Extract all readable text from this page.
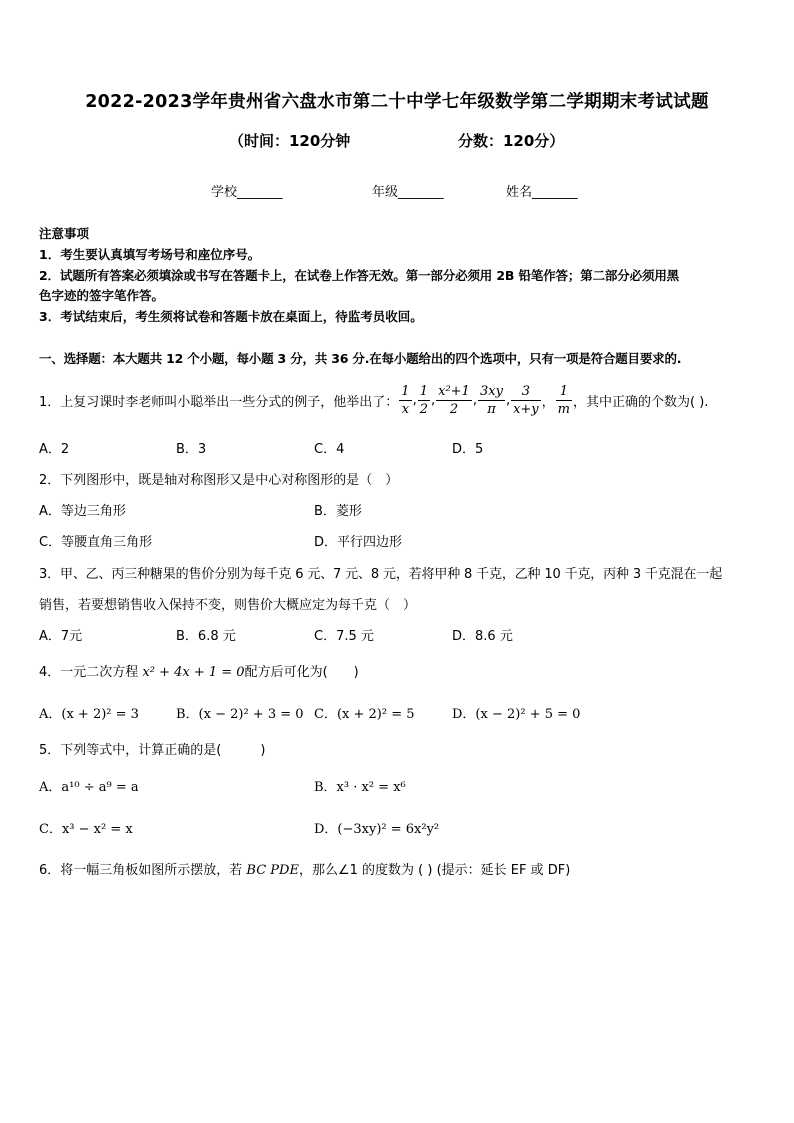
2022-2023学年贵州省六盘水市第二十中学七年级数学第二学期期末考试试题
（时间：120分钟	分数：120分）
学校_______	年级_______	姓名_______
注意事项
1．考生要认真填写考场号和座位序号。
2．试题所有答案必须填涂或书写在答题卡上，在试卷上作答无效。第一部分必须用 2B 铅笔作答；第二部分必须用黑
色字迹的签字笔作答。
3．考试结束后，考生须将试卷和答题卡放在桌面上，待监考员收回。
一、选择题：本大题共 12 个小题，每小题 3 分，共 36 分.在每小题给出的四个选项中，只有一项是符合题目要求的.
1．上复习课时李老师叫小聪举出一些分式的例子，他举出了： $\frac{1}{x}$ , $\frac{1}{2}$ , $\frac{\text{x²+1}}{2}$ , $\frac{3xy}{\pi}$ , $\frac{3}{x+y}$ ， $\frac{1}{m}$ ，其中正确的个数为( ).
A．2	B．3	C．4	D．5
2．下列图形中，既是轴对称图形又是中心对称图形的是（　）
A．等边三角形	B．菱形
C．等腰直角三角形	D．平行四边形
3．甲、乙、丙三种糖果的售价分别为每千克 6 元、7 元、8 元，若将甲种 8 千克，乙种 10 千克，丙种 3 千克混在一起
销售，若要想销售收入保持不变，则售价大概应定为每千克（　）
A．7元	B．6.8 元	C．7.5 元	D．8.6 元
4．一元二次方程 x² + 4x + 1 = 0配方后可化为(　　)
A．(x + 2)² = 3	B．(x − 2)² + 3 = 0 C．(x + 2)² = 5	D．(x − 2)² + 5 = 0
5．下列等式中，计算正确的是(　　　)
A．a¹⁰ ÷ a⁹ = a	B．x³ · x² = x⁶
C．x³ − x² = x	D．(−3xy)² = 6x²y²
6．将一幅三角板如图所示摆放，若 BC PDE，那么∠1 的度数为 ( ) (提示：延长 EF 或 DF)
